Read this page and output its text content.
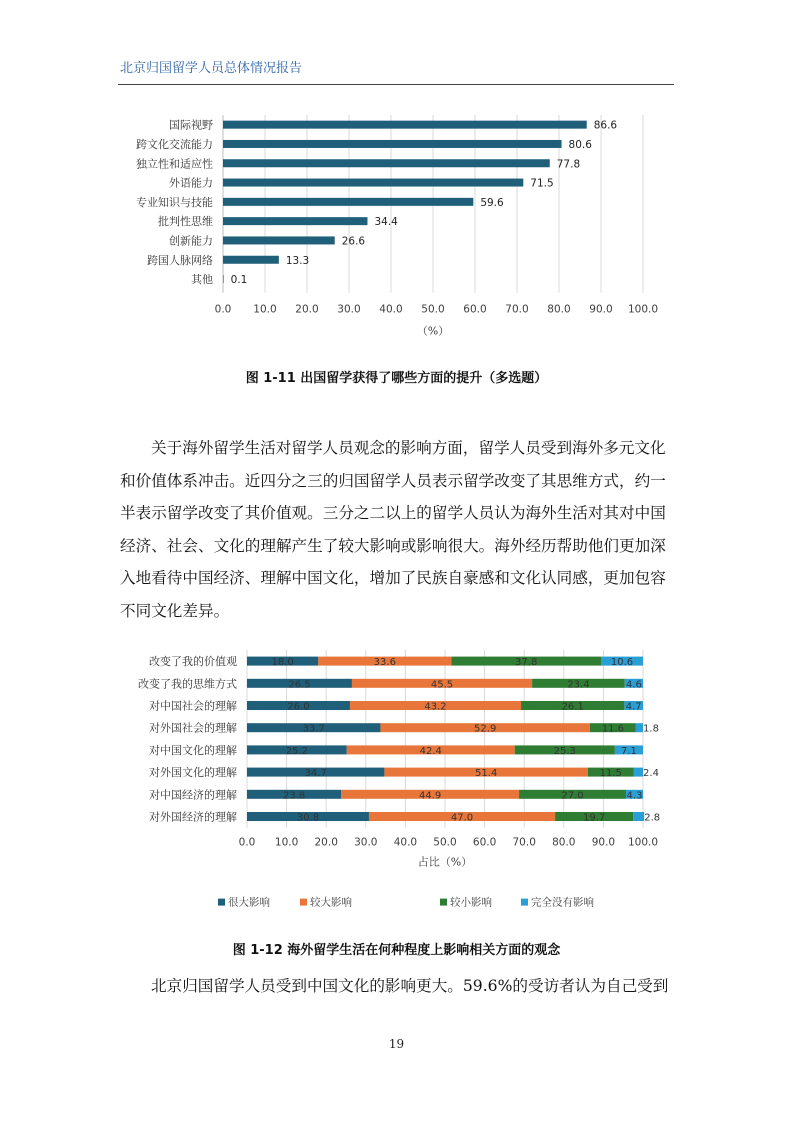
北京归国留学人员总体情况报告
0.0 10.0 20.0 30.0 40.0 50.0 60.0 70.0 80.0 90.0 100.0
国际视野	86.6
跨文化交流能力	80.6
独立性和适应性	77.8
外语能力	71.5
专业知识与技能	59.6
批判性思维	34.4
创新能力	26.6
跨国人脉网络	13.3
其他 0.1
（%）
图 1-11 出国留学获得了哪些方面的提升（多选题）
关于海外留学生活对留学人员观念的影响方面，留学人员受到海外多元文化
和价值体系冲击。近四分之三的归国留学人员表示留学改变了其思维方式，约一
半表示留学改变了其价值观。三分之二以上的留学人员认为海外生活对其对中国
经济、社会、文化的理解产生了较大影响或影响很大。海外经历帮助他们更加深
入地看待中国经济、理解中国文化，增加了民族自豪感和文化认同感，更加包容
不同文化差异。
0.0 10.0 20.0 30.0 40.0 50.0 60.0 70.0 80.0 90.0 100.0
改变了我的价值观	18.0	33.6	37.8	10.6
改变了我的思维方式	26.5	45.5	23.4	4.6
对中国社会的理解	26.0	43.2	26.1	4.7
对外国社会的理解	33.7	52.9	11.6 1.8
对中国文化的理解	25.2	42.4	25.3	7.1
对外国文化的理解	34.7	51.4	11.5 2.4
对中国经济的理解	23.8	44.9	27.0	4.3
对外国经济的理解	30.8	47.0	19.7	2.8
占比（%）
很大影响	较大影响	较小影响	完全没有影响
图 1-12 海外留学生活在何种程度上影响相关方面的观念
北京归国留学人员受到中国文化的影响更大。59.6%的受访者认为自己受到
19
